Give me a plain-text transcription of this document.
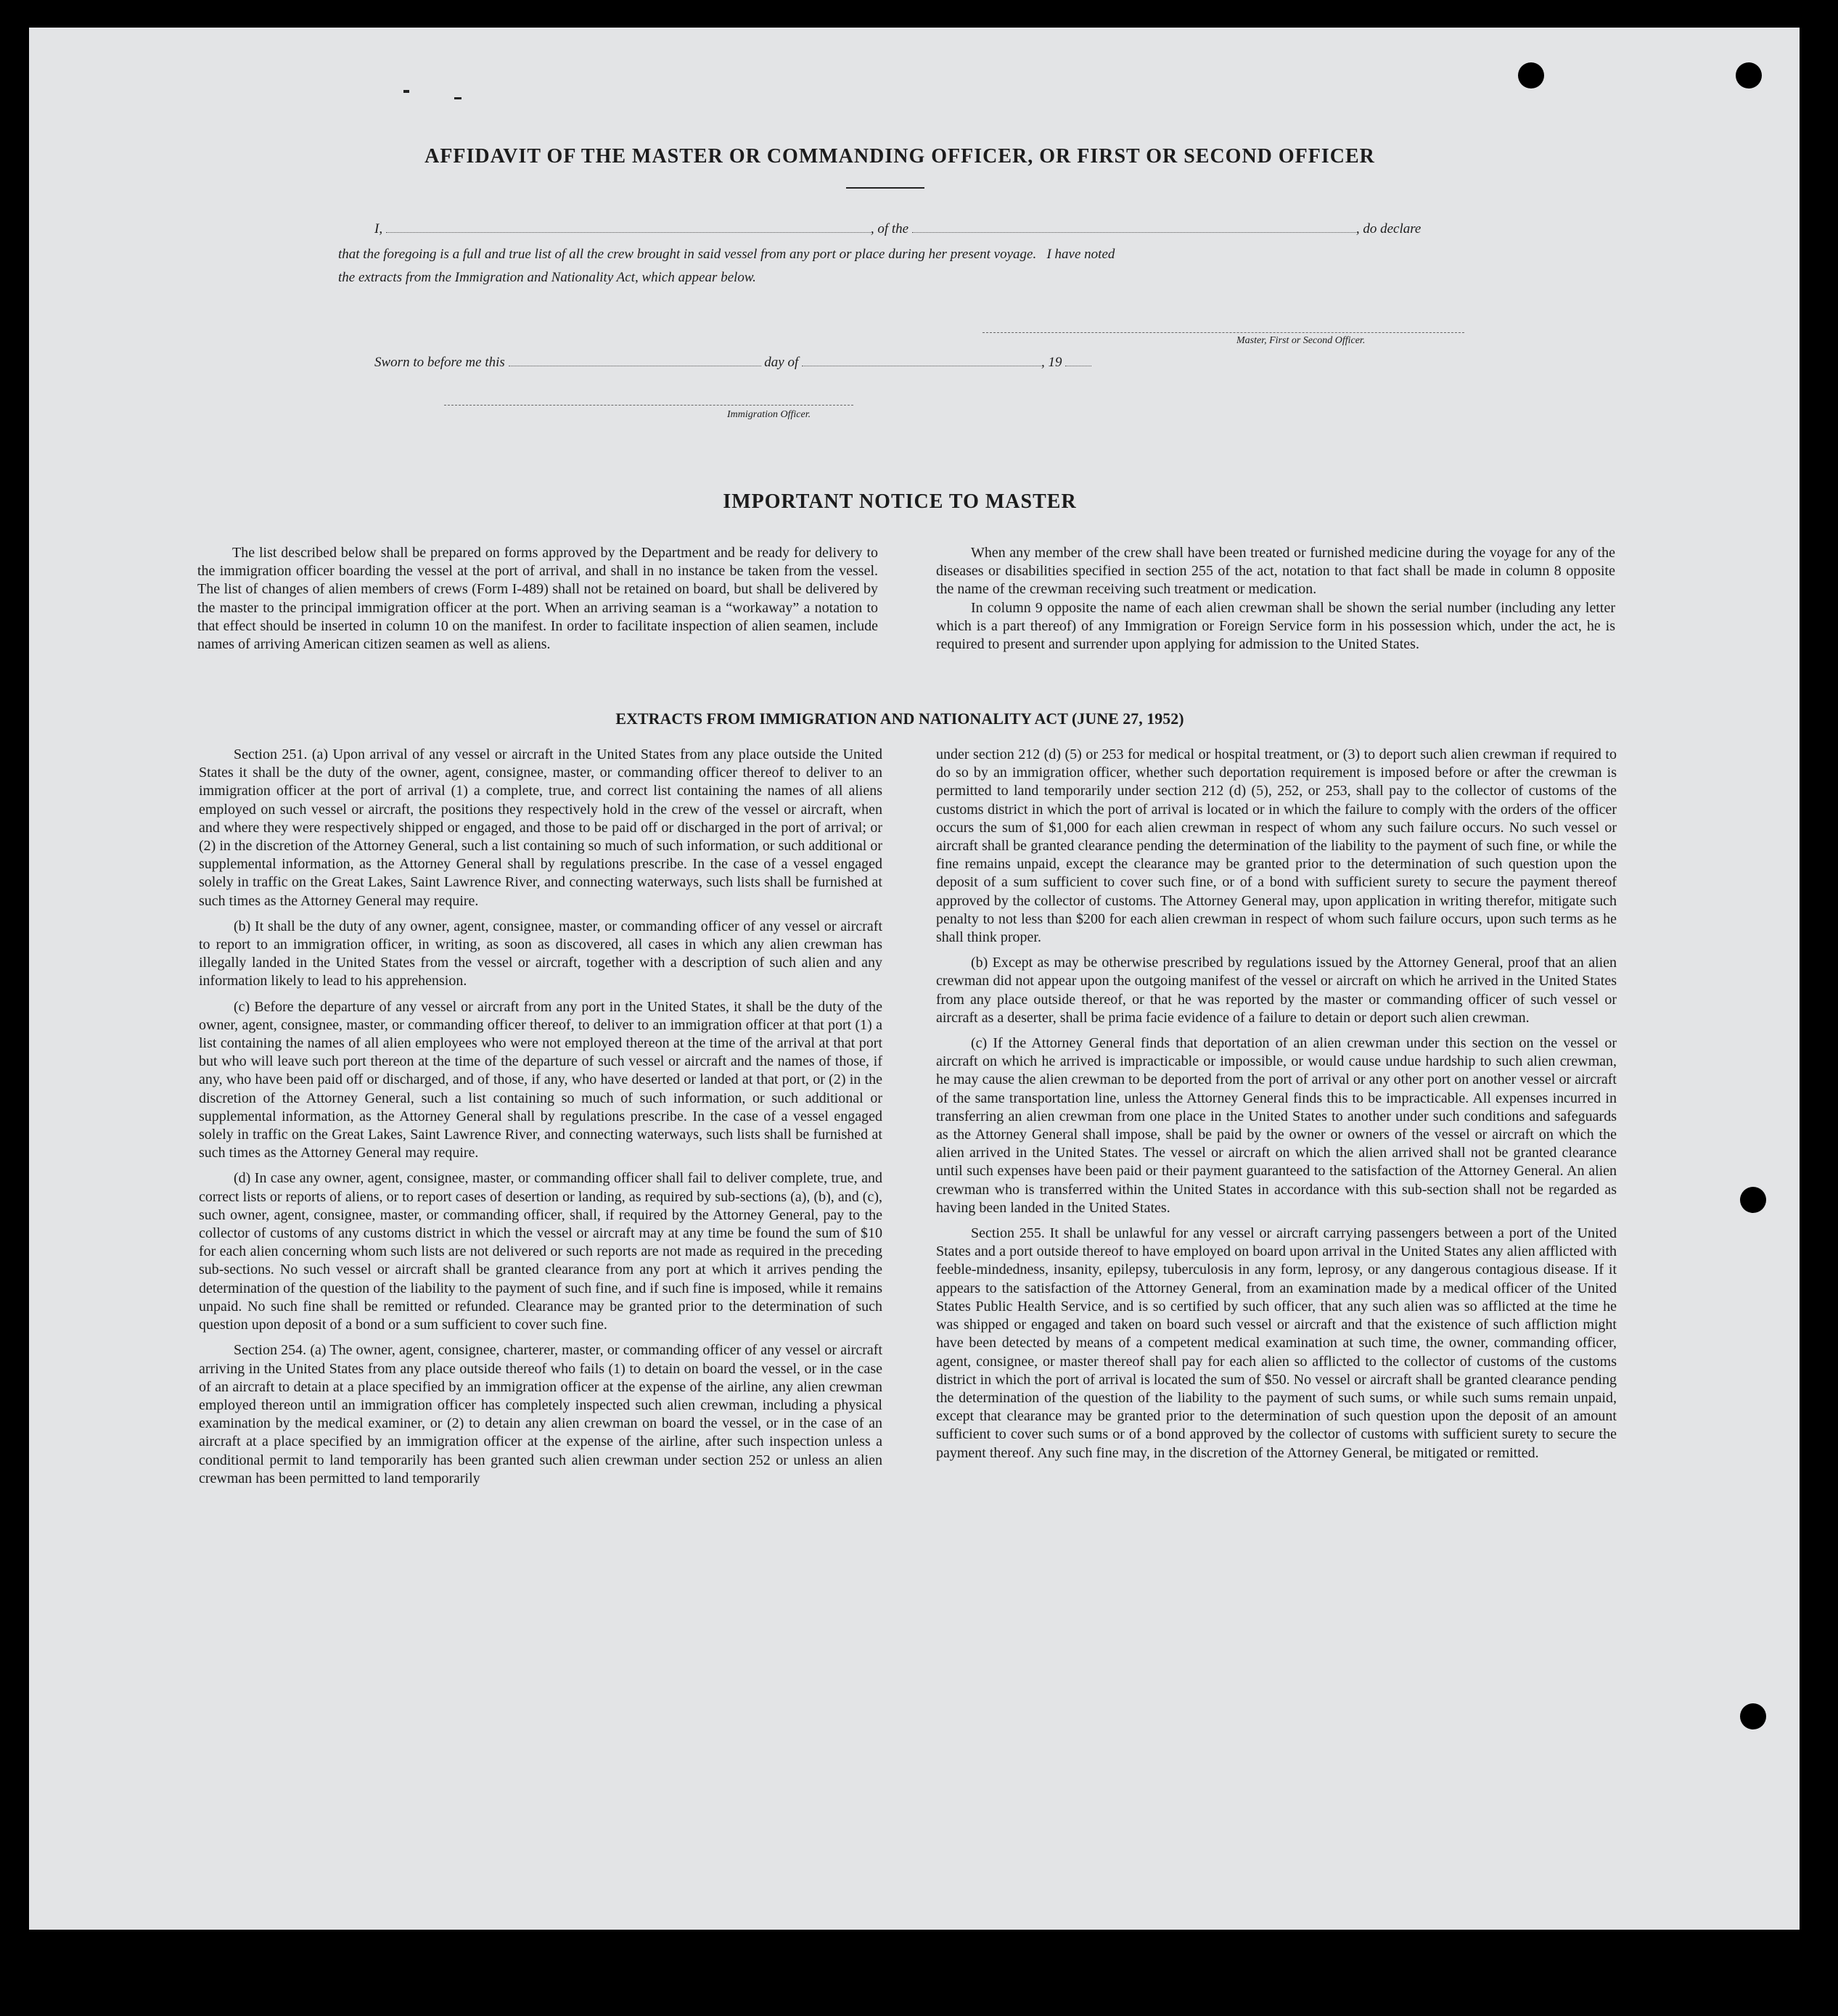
AFFIDAVIT OF THE MASTER OR COMMANDING OFFICER, OR FIRST OR SECOND OFFICER
I,	, of the	, do declare
that the foregoing is a full and true list of all the crew brought in said vessel from any port or place during her present voyage.   I have noted
the extracts from the Immigration and Nationality Act, which appear below.
Master, First or Second Officer.
Sworn to before me this	day of	, 19
Immigration Officer.
IMPORTANT NOTICE TO MASTER

The list described below shall be prepared on forms approved by the Department and be ready for delivery to the immigration officer boarding the vessel at the port of arrival, and shall in no instance be taken from the vessel. The list of changes of alien members of crews (Form I-489) shall not be retained on board, but shall be delivered by the master to the principal immigration officer at the port. When an arriving seaman is a “workaway” a notation to that effect should be inserted in column 10 on the manifest. In order to facilitate inspection of alien seamen, include names of arriving American citizen seamen as well as aliens.

When any member of the crew shall have been treated or furnished medicine during the voyage for any of the diseases or disabilities specified in section 255 of the act, notation to that fact shall be made in column 8 opposite the name of the crewman receiving such treatment or medication.

In column 9 opposite the name of each alien crewman shall be shown the serial number (including any letter which is a part thereof) of any Immigration or Foreign Service form in his possession which, under the act, he is required to present and surrender upon applying for admission to the United States.

EXTRACTS FROM IMMIGRATION AND NATIONALITY ACT (JUNE 27, 1952)

Section 251. (a) Upon arrival of any vessel or aircraft in the United States from any place outside the United States it shall be the duty of the owner, agent, consignee, master, or commanding officer thereof to deliver to an immigration officer at the port of arrival (1) a complete, true, and correct list containing the names of all aliens employed on such vessel or aircraft, the positions they respectively hold in the crew of the vessel or aircraft, when and where they were respectively shipped or engaged, and those to be paid off or discharged in the port of arrival; or (2) in the discretion of the Attorney General, such a list containing so much of such information, or such additional or supplemental information, as the Attorney General shall by regulations prescribe. In the case of a vessel engaged solely in traffic on the Great Lakes, Saint Lawrence River, and connecting waterways, such lists shall be furnished at such times as the Attorney General may require.

(b) It shall be the duty of any owner, agent, consignee, master, or commanding officer of any vessel or aircraft to report to an immigration officer, in writing, as soon as discovered, all cases in which any alien crewman has illegally landed in the United States from the vessel or aircraft, together with a description of such alien and any information likely to lead to his apprehension.

(c) Before the departure of any vessel or aircraft from any port in the United States, it shall be the duty of the owner, agent, consignee, master, or commanding officer thereof, to deliver to an immigration officer at that port (1) a list containing the names of all alien employees who were not employed thereon at the time of the arrival at that port but who will leave such port thereon at the time of the departure of such vessel or aircraft and the names of those, if any, who have been paid off or discharged, and of those, if any, who have deserted or landed at that port, or (2) in the discretion of the Attorney General, such a list containing so much of such information, or such additional or supplemental information, as the Attorney General shall by regulations prescribe. In the case of a vessel engaged solely in traffic on the Great Lakes, Saint Lawrence River, and connecting waterways, such lists shall be furnished at such times as the Attorney General may require.

(d) In case any owner, agent, consignee, master, or commanding officer shall fail to deliver complete, true, and correct lists or reports of aliens, or to report cases of desertion or landing, as required by sub-sections (a), (b), and (c), such owner, agent, consignee, master, or commanding officer, shall, if required by the Attorney General, pay to the collector of customs of any customs district in which the vessel or aircraft may at any time be found the sum of $10 for each alien concerning whom such lists are not delivered or such reports are not made as required in the preceding sub-sections. No such vessel or aircraft shall be granted clearance from any port at which it arrives pending the determination of the question of the liability to the payment of such fine, and if such fine is imposed, while it remains unpaid. No such fine shall be remitted or refunded. Clearance may be granted prior to the determination of such question upon deposit of a bond or a sum sufficient to cover such fine.

Section 254. (a) The owner, agent, consignee, charterer, master, or commanding officer of any vessel or aircraft arriving in the United States from any place outside thereof who fails (1) to detain on board the vessel, or in the case of an aircraft to detain at a place specified by an immigration officer at the expense of the airline, any alien crewman employed thereon until an immigration officer has completely inspected such alien crewman, including a physical examination by the medical examiner, or (2) to detain any alien crewman on board the vessel, or in the case of an aircraft at a place specified by an immigration officer at the expense of the airline, after such inspection unless a conditional permit to land temporarily has been granted such alien crewman under section 252 or unless an alien crewman has been permitted to land temporarily

under section 212 (d) (5) or 253 for medical or hospital treatment, or (3) to deport such alien crewman if required to do so by an immigration officer, whether such deportation requirement is imposed before or after the crewman is permitted to land temporarily under section 212 (d) (5), 252, or 253, shall pay to the collector of customs of the customs district in which the port of arrival is located or in which the failure to comply with the orders of the officer occurs the sum of $1,000 for each alien crewman in respect of whom any such failure occurs. No such vessel or aircraft shall be granted clearance pending the determination of the liability to the payment of such fine, or while the fine remains unpaid, except the clearance may be granted prior to the determination of such question upon the deposit of a sum sufficient to cover such fine, or of a bond with sufficient surety to secure the payment thereof approved by the collector of customs. The Attorney General may, upon application in writing therefor, mitigate such penalty to not less than $200 for each alien crewman in respect of whom such failure occurs, upon such terms as he shall think proper.

(b) Except as may be otherwise prescribed by regulations issued by the Attorney General, proof that an alien crewman did not appear upon the outgoing manifest of the vessel or aircraft on which he arrived in the United States from any place outside thereof, or that he was reported by the master or commanding officer of such vessel or aircraft as a deserter, shall be prima facie evidence of a failure to detain or deport such alien crewman.

(c) If the Attorney General finds that deportation of an alien crewman under this section on the vessel or aircraft on which he arrived is impracticable or impossible, or would cause undue hardship to such alien crewman, he may cause the alien crewman to be deported from the port of arrival or any other port on another vessel or aircraft of the same transportation line, unless the Attorney General finds this to be impracticable. All expenses incurred in transferring an alien crewman from one place in the United States to another under such conditions and safeguards as the Attorney General shall impose, shall be paid by the owner or owners of the vessel or aircraft on which the alien arrived in the United States. The vessel or aircraft on which the alien arrived shall not be granted clearance until such expenses have been paid or their payment guaranteed to the satisfaction of the Attorney General. An alien crewman who is transferred within the United States in accordance with this sub-section shall not be regarded as having been landed in the United States.

Section 255. It shall be unlawful for any vessel or aircraft carrying passengers between a port of the United States and a port outside thereof to have employed on board upon arrival in the United States any alien afflicted with feeble-mindedness, insanity, epilepsy, tuberculosis in any form, leprosy, or any dangerous contagious disease. If it appears to the satisfaction of the Attorney General, from an examination made by a medical officer of the United States Public Health Service, and is so certified by such officer, that any such alien was so afflicted at the time he was shipped or engaged and taken on board such vessel or aircraft and that the existence of such affliction might have been detected by means of a competent medical examination at such time, the owner, commanding officer, agent, consignee, or master thereof shall pay for each alien so afflicted to the collector of customs of the customs district in which the port of arrival is located the sum of $50. No vessel or aircraft shall be granted clearance pending the determination of the question of the liability to the payment of such sums, or while such sums remain unpaid, except that clearance may be granted prior to the determination of such question upon the deposit of an amount sufficient to cover such sums or of a bond approved by the collector of customs with sufficient surety to secure the payment thereof. Any such fine may, in the discretion of the Attorney General, be mitigated or remitted.
